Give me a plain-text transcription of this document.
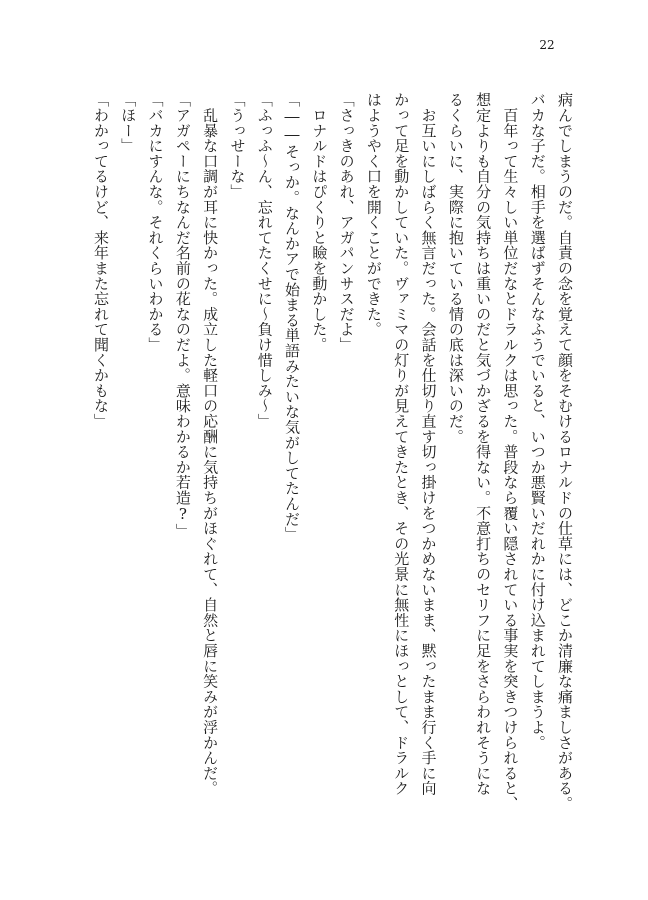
22
病んでしまうのだ。自責の念を覚えて顔をそむけるロナルドの仕草には、どこか清廉な痛ましさがある。
バカな子だ。相手を選ばずそんなふうでいると、いつか悪賢いだれかに付け込まれてしまうよ。
　百年って生々しい単位だなとドラルクは思った。普段なら覆い隠されている事実を突きつけられると、
想定よりも自分の気持ちは重いのだと気づかざるを得ない。不意打ちのセリフに足をさらわれそうにな
るくらいに、実際に抱いている情の底は深いのだ。
　お互いにしばらく無言だった。会話を仕切り直す切っ掛けをつかめないまま、黙ったまま行く手に向
かって足を動かしていた。ヴァミマの灯りが見えてきたとき、その光景に無性にほっとして、ドラルク
はようやく口を開くことができた。
「さっきのあれ、アガパンサスだよ」
　ロナルドはぴくりと瞼を動かした。
「――そっか。なんかアで始まる単語みたいな気がしてたんだ」
「ふっふ～ん、忘れてたくせに～負け惜しみ～」
「うっせーな」
　乱暴な口調が耳に快かった。成立した軽口の応酬に気持ちがほぐれて、自然と唇に笑みが浮かんだ。
「アガペーにちなんだ名前の花なのだよ。意味わかるか若造?」
「バカにすんな。それくらいわかる」
「ほー」
「わかってるけど、来年また忘れて聞くかもな」
